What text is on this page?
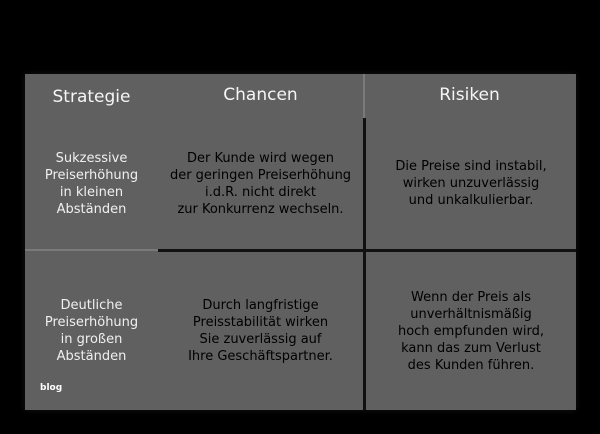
Strategie	Chancen	Risiken
Sukzessive
Preiserhöhung
in kleinen
Abständen
Der Kunde wird wegen
der geringen Preiserhöhung
i.d.R. nicht direkt
zur Konkurrenz wechseln.
Die Preise sind instabil,
wirken unzuverlässig
und unkalkulierbar.
Deutliche
Preiserhöhung
in großen
Abständen
Durch langfristige
Preisstabilität wirken
Sie zuverlässig auf
Ihre Geschäftspartner.
Wenn der Preis als
unverhältnismäßig
hoch empfunden wird,
kann das zum Verlust
des Kunden führen.
blog
